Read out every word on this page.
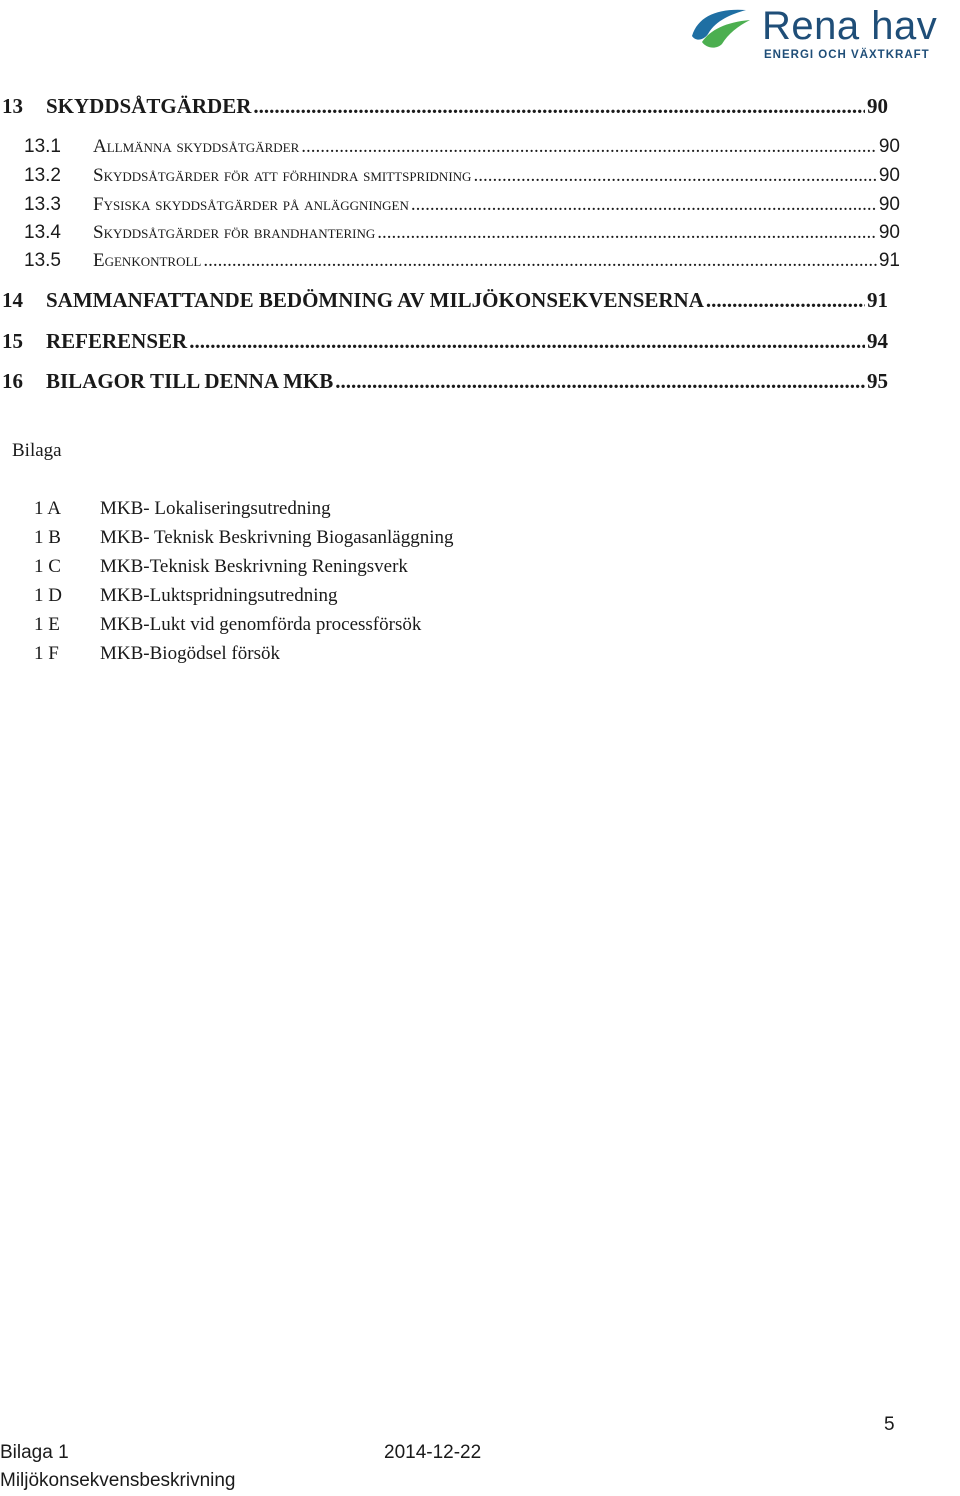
Rena hav
ENERGI OCH VÄXTKRAFT
13	SKYDDSÅTGÄRDER .....	90
13.1	Allmänna skyddsåtgärder .....	90
13.2	Skyddsåtgärder för att förhindra smittspridning .....	90
13.3	Fysiska skyddsåtgärder på anläggningen .....	90
13.4	Skyddsåtgärder för brandhantering .....	90
13.5	Egenkontroll .....	91
14	SAMMANFATTANDE BEDÖMNING AV MILJÖKONSEKVENSERNA .....	91
15	REFERENSER .....	94
16	BILAGOR TILL DENNA MKB .....	95
Bilaga
1 A MKB- Lokaliseringsutredning
1 B MKB- Teknisk Beskrivning Biogasanläggning
1 C MKB-Teknisk Beskrivning Reningsverk
1 D MKB-Luktspridningsutredning
1 E MKB-Lukt vid genomförda processförsök
1 F MKB-Biogödsel försök
5
Bilaga 1	2014-12-22
Miljökonsekvensbeskrivning
